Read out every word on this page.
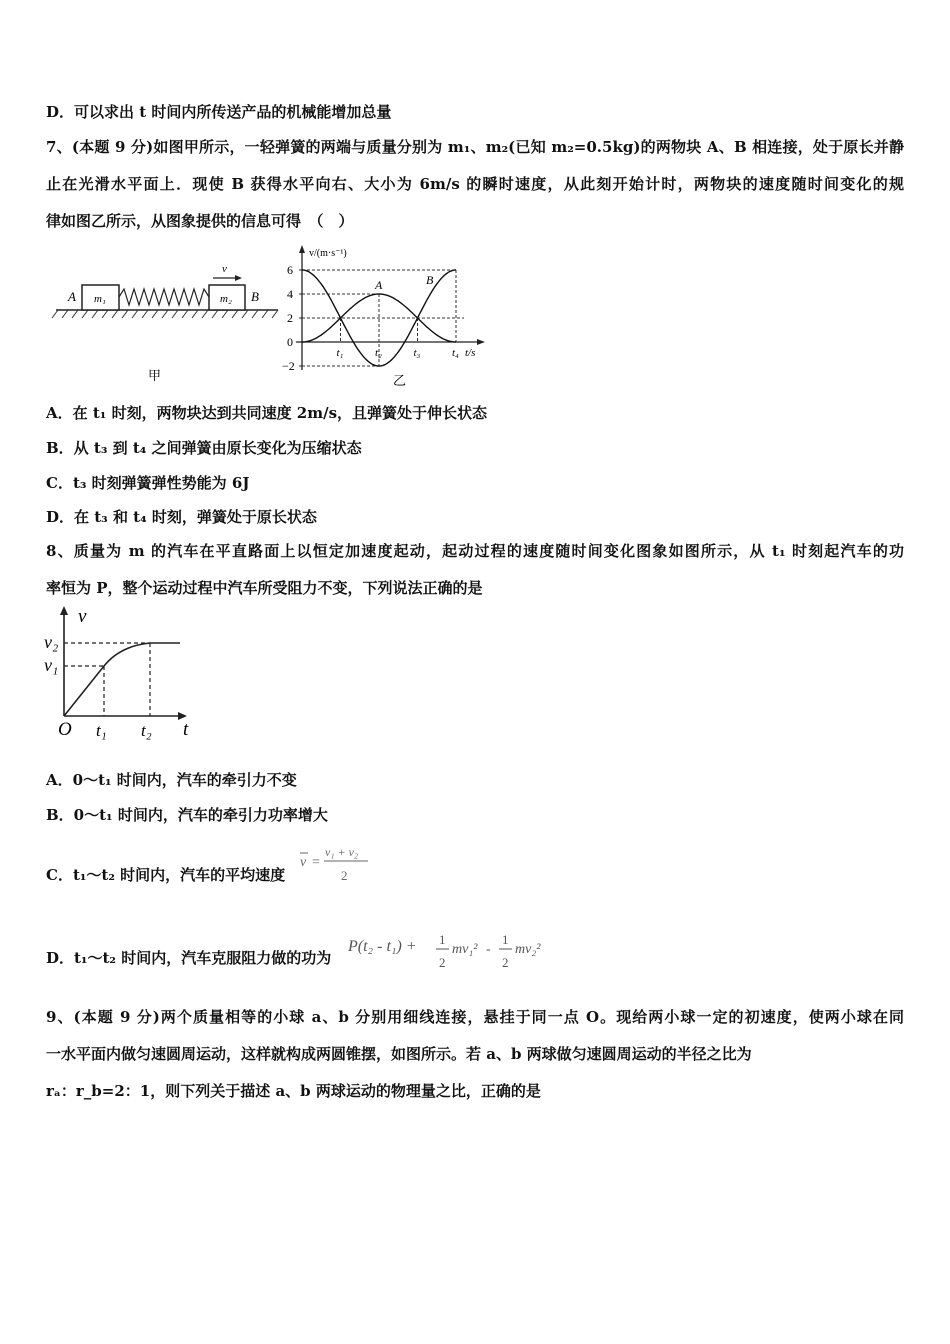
D．可以求出 t 时间内所传送产品的机械能增加总量
7、(本题 9 分)如图甲所示，一轻弹簧的两端与质量分别为 m₁、m₂(已知 m₂=0.5kg)的两物块 A、B 相连接，处于原长并静
止在光滑水平面上．现使 B 获得水平向右、大小为 6m/s 的瞬时速度，从此刻开始计时，两物块的速度随时间变化的规
律如图乙所示，从图象提供的信息可得　（　）
m₁	m₂
A	B
v
甲
v/(m·s⁻¹)
t/s
−2
0
2
4
6
t₁	t₂	t₃	t₄
A	B
乙
A．在 t₁ 时刻，两物块达到共同速度 2m/s，且弹簧处于伸长状态
B．从 t₃ 到 t₄ 之间弹簧由原长变化为压缩状态
C．t₃ 时刻弹簧弹性势能为 6J
D．在 t₃ 和 t₄ 时刻，弹簧处于原长状态
8、质量为 m 的汽车在平直路面上以恒定加速度起动，起动过程的速度随时间变化图象如图所示，从 t₁ 时刻起汽车的功
率恒为 P，整个运动过程中汽车所受阻力不变，下列说法正确的是
v
t
O
v₂
v₁
t₁ t₂
A．0～t₁ 时间内，汽车的牵引力不变
B．0～t₁ 时间内，汽车的牵引力功率增大
C．t₁～t₂ 时间内，汽车的平均速度
v =
v₁ + v₂
2
D．t₁～t₂ 时间内，汽车克服阻力做的功为
P(t₂ - t₁) + 1
2
mv₁² -
1
2
mv₂²
9、(本题 9 分)两个质量相等的小球 a、b 分别用细线连接，悬挂于同一点 O。现给两小球一定的初速度，使两小球在同
一水平面内做匀速圆周运动，这样就构成两圆锥摆，如图所示。若 a、b 两球做匀速圆周运动的半径之比为
rₐ：r_b=2：1，则下列关于描述 a、b 两球运动的物理量之比，正确的是
